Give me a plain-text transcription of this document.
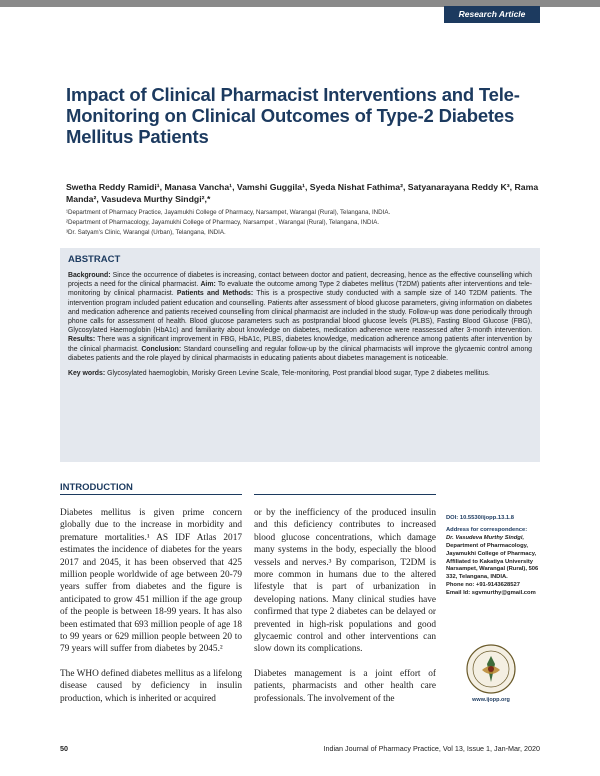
Research Article
Impact of Clinical Pharmacist Interventions and Tele-Monitoring on Clinical Outcomes of Type-2 Diabetes Mellitus Patients
Swetha Reddy Ramidi¹, Manasa Vancha¹, Vamshi Guggila¹, Syeda Nishat Fathima², Satyanarayana Reddy K³, Rama Manda², Vasudeva Murthy Sindgi²,*
¹Department of Pharmacy Practice, Jayamukhi College of Pharmacy, Narsampet, Warangal (Rural), Telangana, INDIA.
²Department of Pharmacology, Jayamukhi College of Pharmacy, Narsampet , Warangal (Rural), Telangana, INDIA.
³Dr. Satyam's Clinic, Warangal (Urban), Telangana, INDIA.
ABSTRACT

Background: Since the occurrence of diabetes is increasing, contact between doctor and patient, decreasing, hence as the effective counselling which projects a need for the clinical pharmacist. Aim: To evaluate the outcome among Type 2 diabetes mellitus (T2DM) patients after interventions and tele-monitoring by clinical pharmacist. Patients and Methods: This is a prospective study conducted with a sample size of 140 T2DM patients. The intervention program included patient education and counselling. Patients after assessment of blood glucose parameters, giving information on diabetes and medication adherence and patients received counselling from clinical pharmacist are included in the study. Follow-up was done periodically through phone calls for assessment of health. Blood glucose parameters such as postprandial blood glucose levels (PLBS), Fasting Blood Glucose (FBG), Glycosylated Haemoglobin (HbA1c) and familiarity about knowledge on diabetes, medication adherence were reassessed after 3-month intervention. Results: There was a significant improvement in FBG, HbA1c, PLBS, diabetes knowledge, medication adherence among patients after intervention by the clinical pharmacist. Conclusion: Standard counselling and regular follow-up by the clinical pharmacists will improve the glycaemic control among diabetes patients and the role played by clinical pharmacists in educating patients about diabetes management is noticeable.

Key words: Glycosylated haemoglobin, Morisky Green Levine Scale, Tele-monitoring, Post prandial blood sugar, Type 2 diabetes mellitus.

INTRODUCTION

Diabetes mellitus is given prime concern globally due to the increase in morbidity and premature mortalities.¹ AS IDF Atlas 2017 estimates the incidence of diabetes for the years 2017 and 2045, it has been observed that 425 million people worldwide of age between 20-79 years suffer from diabetes and the figure is anticipated to grow 451 million if the age group of the people is between 18-99 years. It has also been estimated that 693 million people of age 18 to 99 years or 629 million people between 20 to 79 years will suffer from diabetes by 2045.²

The WHO defined diabetes mellitus as a lifelong disease caused by deficiency in insulin production, which is inherited or acquired

or by the inefficiency of the produced insulin and this deficiency contributes to increased blood glucose concentrations, which damage many systems in the body, especially the blood vessels and nerves.³ By comparison, T2DM is more common in humans due to the altered lifestyle that is part of urbanization in developing nations. Many clinical studies have confirmed that type 2 diabetes can be delayed or prevented in high-risk populations and good glycaemic control and other interventions can slow down its complications.

Diabetes management is a joint effort of patients, pharmacists and other health care professionals. The involvement of the

DOI: 10.5530/ijopp.13.1.8
Address for correspondence:
Dr. Vasudeva Murthy Sindgi,
Department of Pharmacology,
Jayamukhi College of Pharmacy,
Affiliated to Kakatiya University
Narsampet, Warangal (Rural), 506 332, Telangana, INDIA.
Phone no: +91-9143628527
Email Id: sgvmurthy@gmail.com
www.ijopp.org
50	Indian Journal of Pharmacy Practice, Vol 13, Issue 1, Jan-Mar, 2020
